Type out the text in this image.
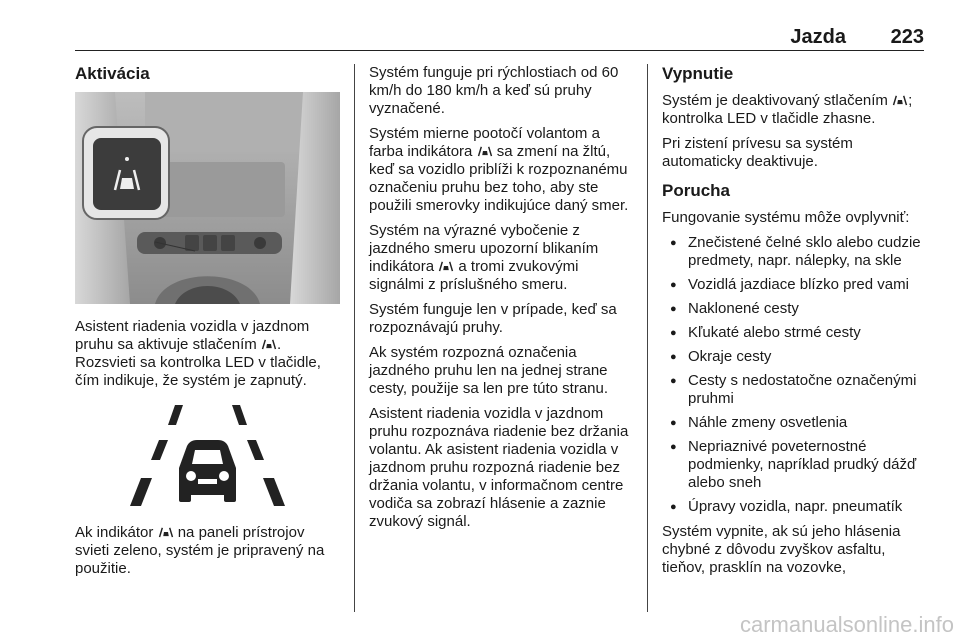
Jazda 223
Aktivácia

Asistent riadenia vozidla v jazdnom pruhu sa aktivuje stlačením . Rozsvieti sa kontrolka LED v tlačidle, čím indikuje, že systém je zapnutý.

Ak indikátor  na paneli prístrojov svieti zeleno, systém je pripravený na použitie.

Systém funguje pri rýchlostiach od 60 km/h do 180 km/h a keď sú pruhy vyznačené.

Systém mierne pootočí volantom a farba indikátora  sa zmení na žltú, keď sa vozidlo priblíži k rozpoznanému označeniu pruhu bez toho, aby ste použili smerovky indikujúce daný smer.

Systém na výrazné vybočenie z jazdného smeru upozorní blikaním indikátora  a tromi zvukovými signálmi z príslušného smeru.

Systém funguje len v prípade, keď sa rozpoznávajú pruhy.

Ak systém rozpozná označenia jazdného pruhu len na jednej strane cesty, použije sa len pre túto stranu.

Asistent riadenia vozidla v jazdnom pruhu rozpoznáva riadenie bez držania volantu. Ak asistent riadenia vozidla v jazdnom pruhu rozpozná riadenie bez držania volantu, v informačnom centre vodiča sa zobrazí hlásenie a zaznie zvukový signál.

Vypnutie

Systém je deaktivovaný stlačením ; kontrolka LED v tlačidle zhasne.

Pri zistení prívesu sa systém automaticky deaktivuje.

Porucha

Fungovanie systému môže ovplyvniť:

● Znečistené čelné sklo alebo cudzie predmety, napr. nálepky, na skle
● Vozidlá jazdiace blízko pred vami
● Naklonené cesty
● Kľukaté alebo strmé cesty
● Okraje cesty
● Cesty s nedostatočne označenými pruhmi
● Náhle zmeny osvetlenia
● Nepriaznivé poveternostné podmienky, napríklad prudký dážď alebo sneh
● Úpravy vozidla, napr. pneumatík

Systém vypnite, ak sú jeho hlásenia chybné z dôvodu zvyškov asfaltu, tieňov, prasklín na vozovke,

carmanualsonline.info
